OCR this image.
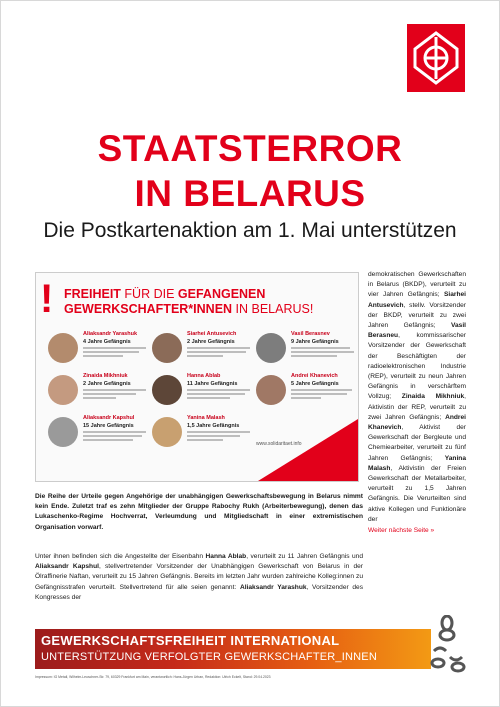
STAATSTERROR
IN BELARUS
Die Postkartenaktion am 1. Mai unterstützen
! FREIHEIT FÜR DIE GEFANGENEN
GEWERKSCHAFTER*INNEN IN BELARUS!
Aliaksandr Yarashuk
4 Jahre Gefängnis
Siarhei Antusevich
2 Jahre Gefängnis
Vasil Berasnev
9 Jahre Gefängnis
Zinaida Mikhniuk
2 Jahre Gefängnis
Hanna Ablab
11 Jahre Gefängnis
Andrei Khanevich
5 Jahre Gefängnis
Aliaksandr Kapshul
15 Jahre Gefängnis
Yanina Malash
1,5 Jahre Gefängnis
www.solidaritaet.info
Die Reihe der Urteile gegen Angehörige der unabhängigen Gewerkschaftsbewegung in Belarus nimmt kein Ende. Zuletzt traf es zehn Mitglieder der Gruppe Rabochy Rukh (Arbeiterbewegung), denen das Lukaschenko-Regime Hochverrat, Verleumdung und Mitgliedschaft in einer extremistischen Organisation vorwarf.
Unter ihnen befinden sich die Angestellte der Eisenbahn Hanna Ablab, verurteilt zu 11 Jahren Gefängnis und Aliaksandr Kapshul, stellvertretender Vorsitzender der Unabhängigen Gewerkschaft von Belarus in der Ölraffinerie Naftan, verurteilt zu 15 Jahren Gefängnis. Bereits im letzten Jahr wurden zahlreiche Kolleg:innen zu Gefängnisstrafen verurteilt. Stellvertretend für alle seien genannt: Aliaksandr Yarashuk, Vorsitzender des Kongresses der
demokratischen Gewerkschaften in Belarus (BKDP), verurteilt zu vier Jahren Gefängnis; Siarhei Antusevich, stellv. Vorsitzender der BKDP, verurteilt zu zwei Jahren Gefängnis; Vasil Berasneu, kommissarischer Vorsitzender der Gewerkschaft der Beschäftigten der radioelektronischen Industrie (REP), verurteilt zu neun Jahren Gefängnis in verschärftem Vollzug; Zinaida Mikhniuk, Aktivistin der REP, verurteilt zu zwei Jahren Gefängnis; Andrei Khanevich, Aktivist der Gewerkschaft der Bergleute und Chemiearbeiter, verurteilt zu fünf Jahren Gefängnis; Yanina Malash, Aktivistin der Freien Gewerkschaft der Metallarbeiter, verurteilt zu 1,5 Jahren Gefängnis. Die Verurteilten sind aktive Kollegen und Funktionäre der
Weiter nächste Seite »
GEWERKSCHAFTSFREIHEIT INTERNATIONAL
UNTERSTÜTZUNG VERFOLGTER GEWERKSCHAFTER_INNEN
Impressum: IG Metall, Wilhelm-Leuschner-Str. 79, 60329 Frankfurt am Main, verantwortlich: Hans-Jürgen Urban, Redaktion: Ulrich Eckelt, Stand: 29.04.2023
